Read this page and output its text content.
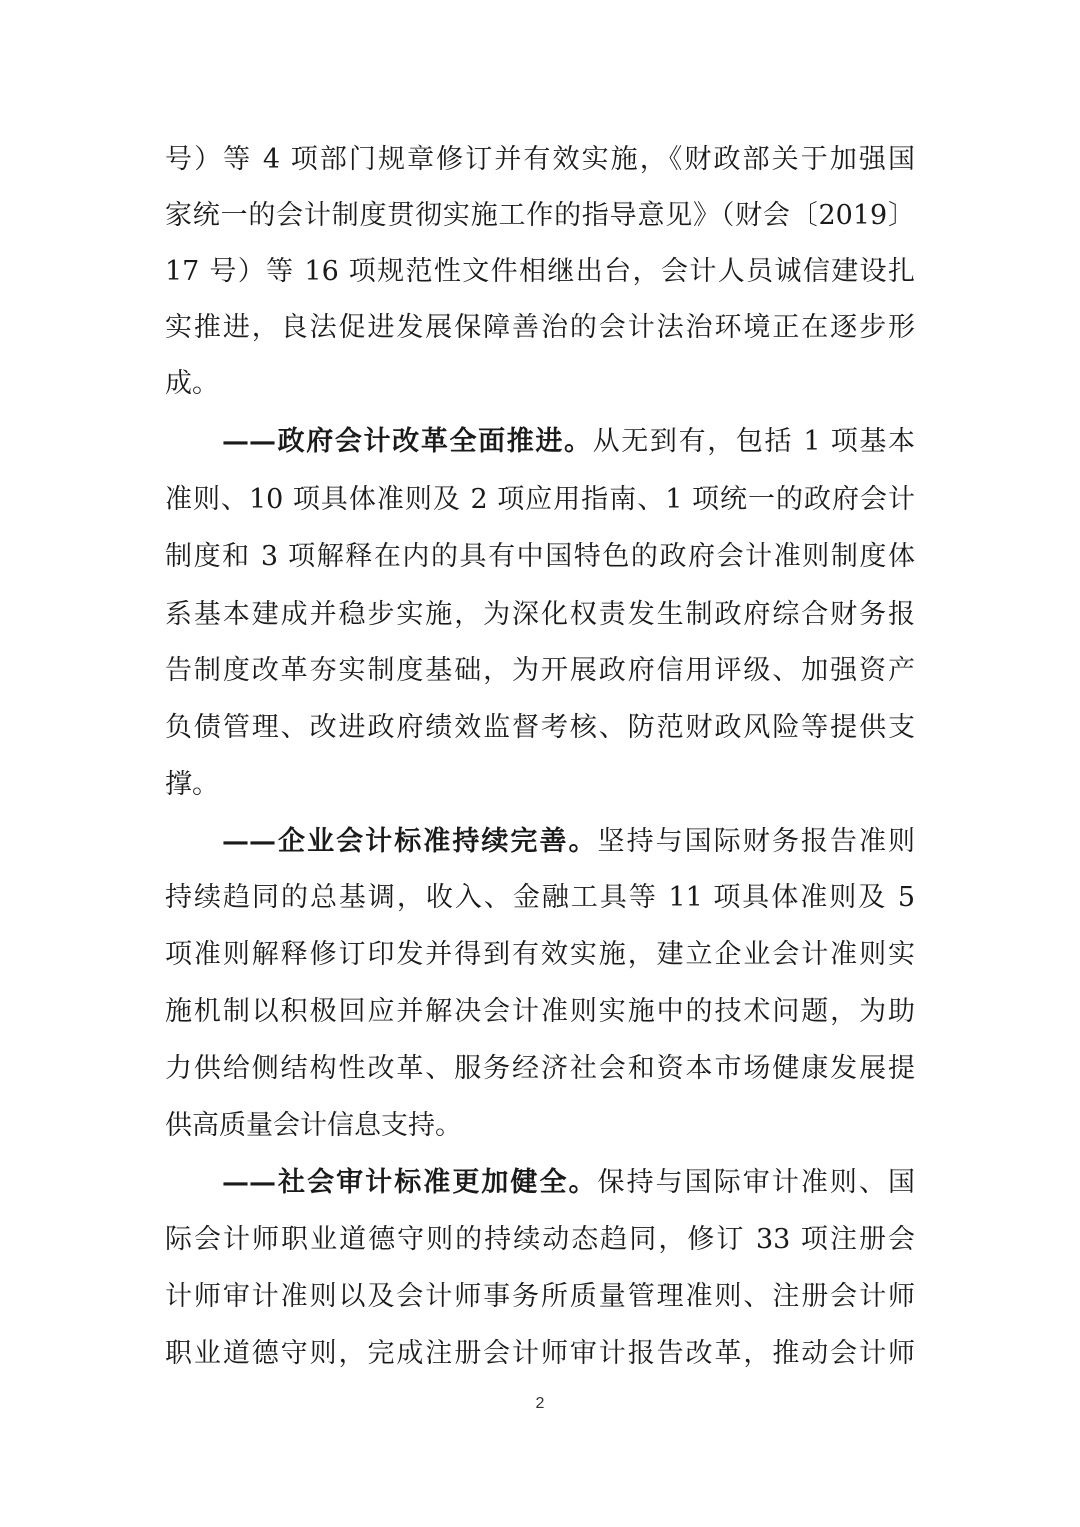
号）等 4 项部门规章修订并有效实施，《财政部关于加强国
家统一的会计制度贯彻实施工作的指导意见》（财会〔2019〕
17 号）等 16 项规范性文件相继出台，会计人员诚信建设扎
实推进，良法促进发展保障善治的会计法治环境正在逐步形
成。
——政府会计改革全面推进。从无到有，包括 1 项基本
准则、10 项具体准则及 2 项应用指南、1 项统一的政府会计
制度和 3 项解释在内的具有中国特色的政府会计准则制度体
系基本建成并稳步实施，为深化权责发生制政府综合财务报
告制度改革夯实制度基础，为开展政府信用评级、加强资产
负债管理、改进政府绩效监督考核、防范财政风险等提供支
撑。
——企业会计标准持续完善。坚持与国际财务报告准则
持续趋同的总基调，收入、金融工具等 11 项具体准则及 5
项准则解释修订印发并得到有效实施，建立企业会计准则实
施机制以积极回应并解决会计准则实施中的技术问题，为助
力供给侧结构性改革、服务经济社会和资本市场健康发展提
供高质量会计信息支持。
——社会审计标准更加健全。保持与国际审计准则、国
际会计师职业道德守则的持续动态趋同，修订 33 项注册会
计师审计准则以及会计师事务所质量管理准则、注册会计师
职业道德守则，完成注册会计师审计报告改革，推动会计师
2
